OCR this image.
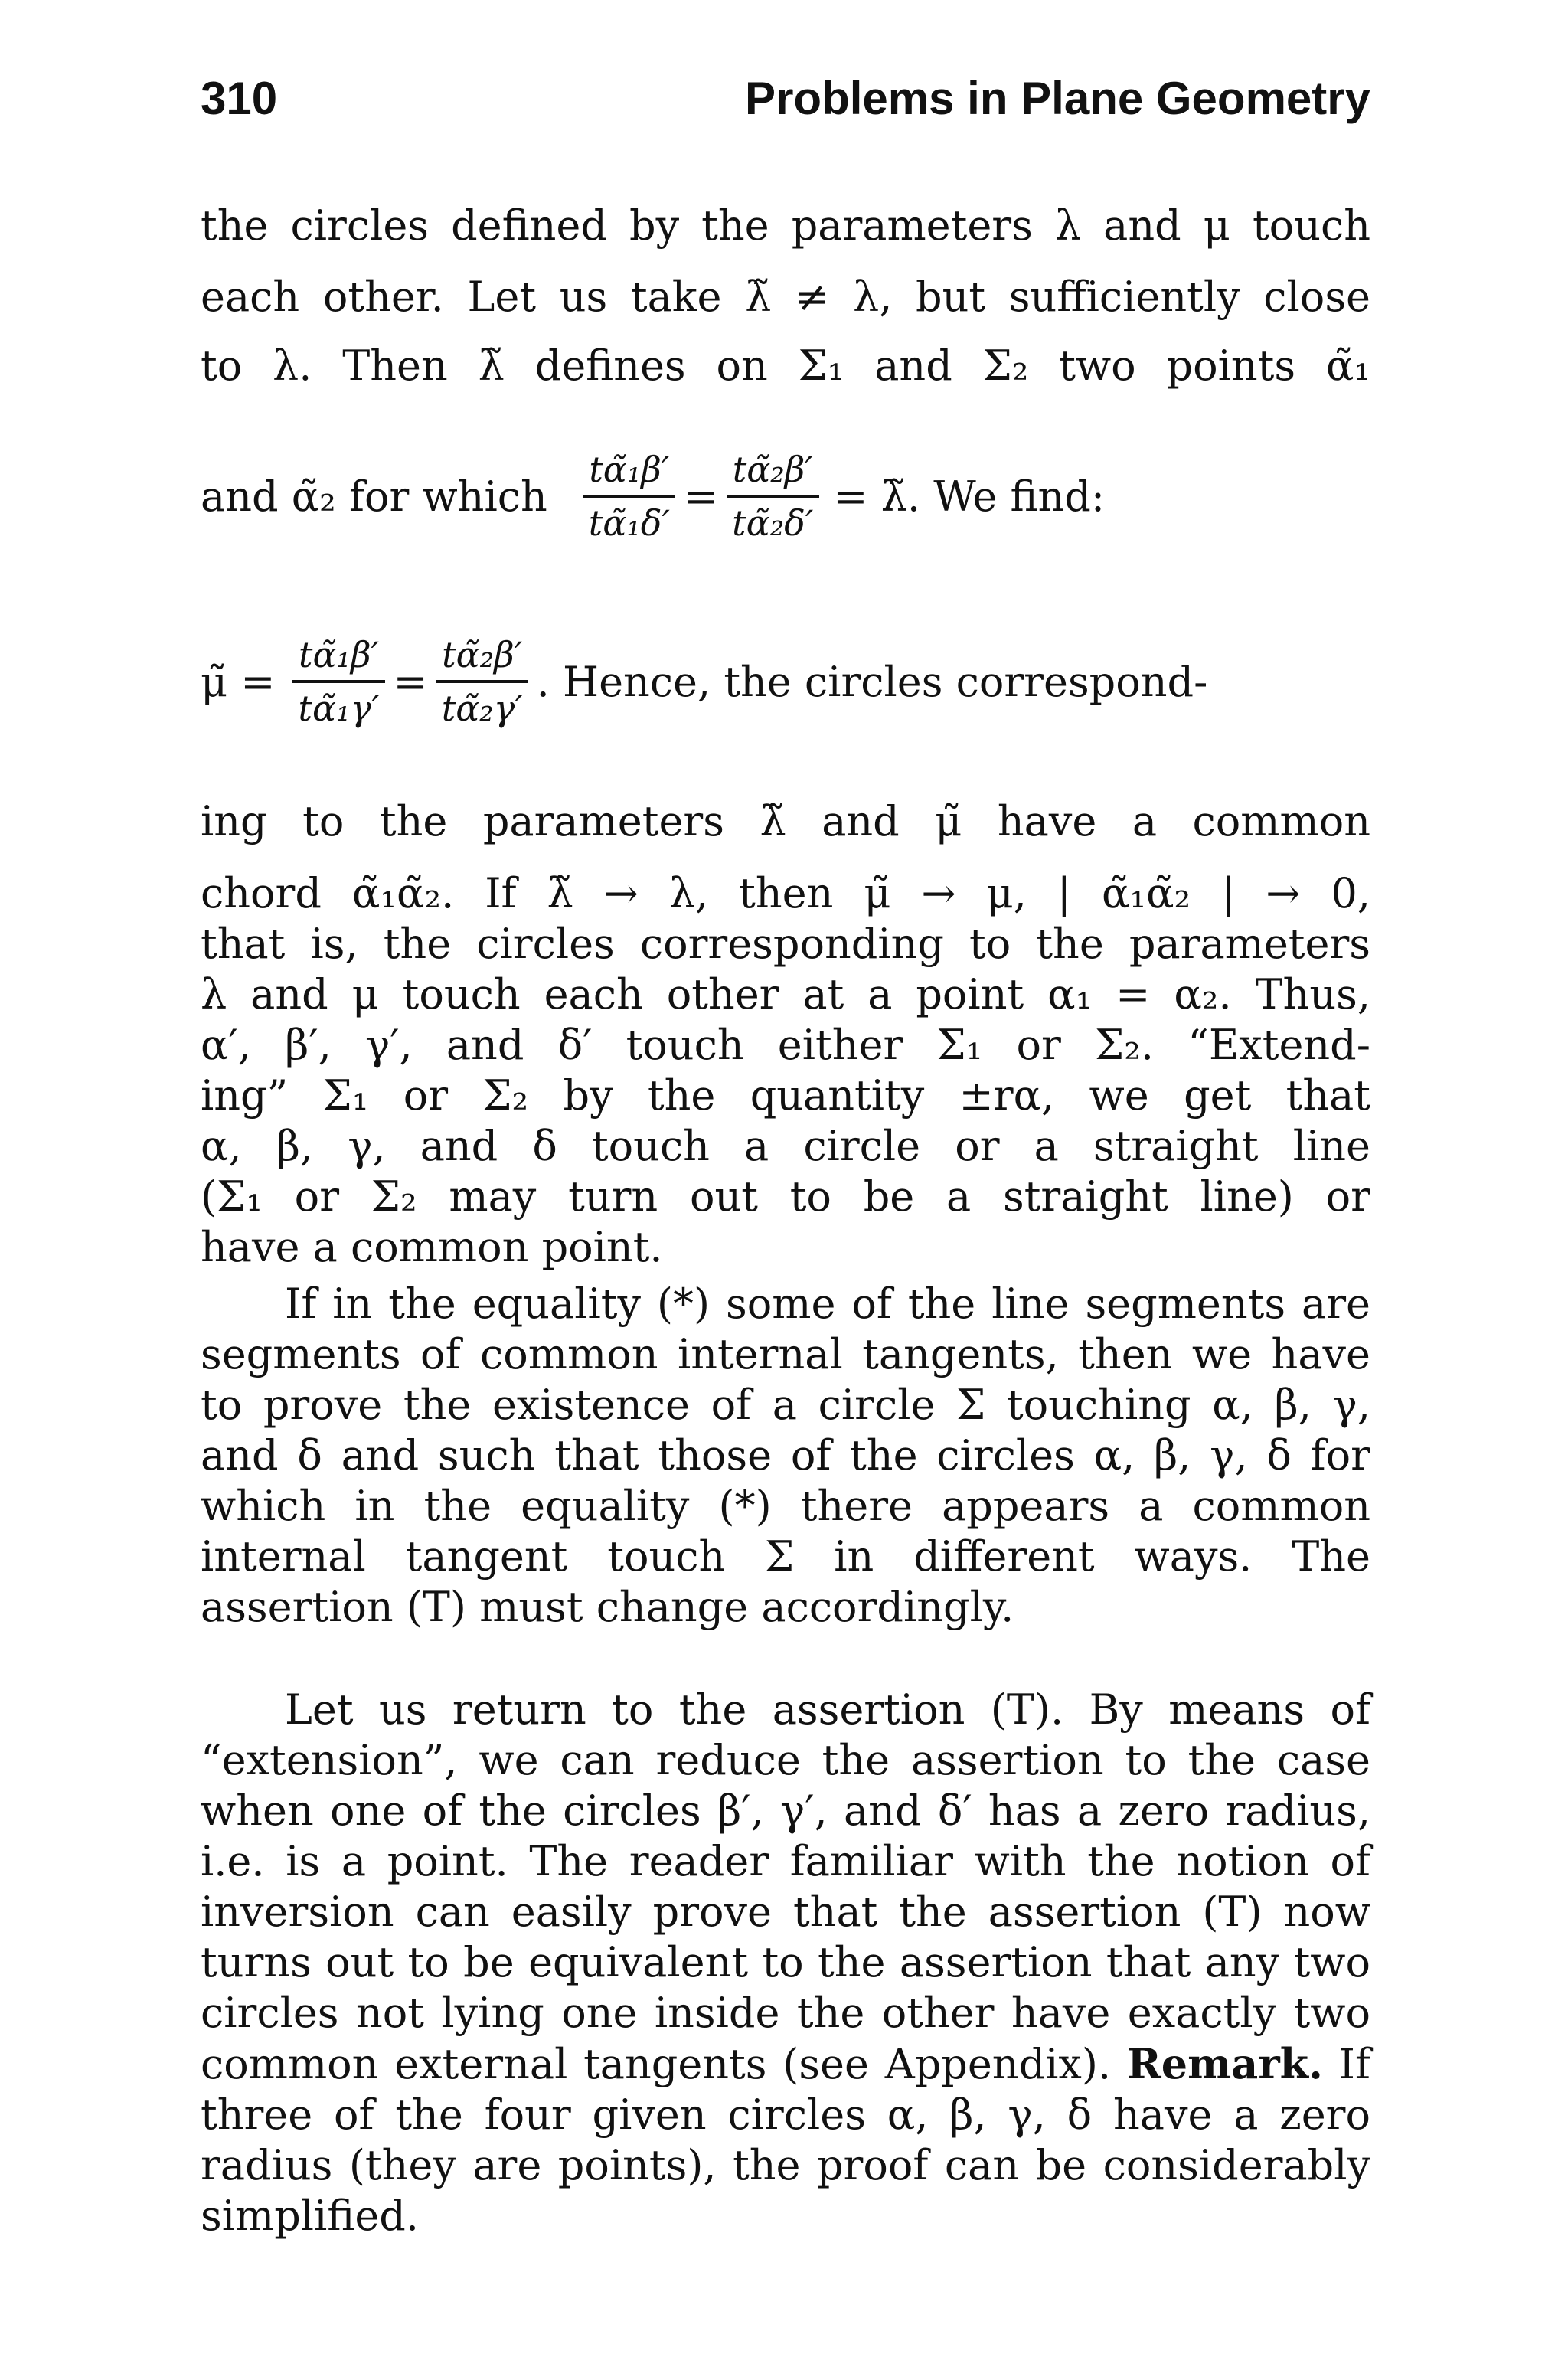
310	Problems in Plane Geometry
the circles defined by the parameters λ and μ touch
each other. Let us take λ̃ ≠ λ, but sufficiently close
to λ. Then λ̃ defines on Σ₁ and Σ₂ two points α̃₁
and α̃₂ for which $\frac{\text{tα̃₁β′}}{\text{tα̃₁δ′}} = \frac{\text{tα̃₂β′}}{\text{tα̃₂δ′}}$ = λ̃. We find:
μ̃ = $\frac{\text{tα̃₁β′}}{\text{tα̃₁γ′}} = \frac{\text{tα̃₂β′}}{\text{tα̃₂γ′}}$ . Hence, the circles correspond-
ing to the parameters λ̃ and μ̃ have a common
chord α̃₁α̃₂. If λ̃ → λ, then μ̃ → μ, | α̃₁α̃₂ | → 0,
that is, the circles corresponding to the parameters
λ and μ touch each other at a point α₁ = α₂. Thus,
α′, β′, γ′, and δ′ touch either Σ₁ or Σ₂. “Extend-
ing” Σ₁ or Σ₂ by the quantity ±rα, we get that
α, β, γ, and δ touch a circle or a straight line
(Σ₁ or Σ₂ may turn out to be a straight line) or
have a common point.
If in the equality (*) some of the line segments are segments of common internal tangents, then we have to prove the existence of a circle Σ touching α, β, γ, and δ and such that those of the circles α, β, γ, δ for which in the equality (*) there appears a common internal tangent touch Σ in different ways. The assertion (T) must change accordingly.
Let us return to the assertion (T). By means of “extension”, we can reduce the assertion to the case when one of the circles β′, γ′, and δ′ has a zero radius, i.e. is a point. The reader familiar with the notion of inversion can easily prove that the assertion (T) now turns out to be equivalent to the assertion that any two circles not lying one inside the other have exactly two common external tangents (see Appendix). Remark. If three of the four given circles α, β, γ, δ have a zero radius (they are points), the proof can be considerably simplified.
